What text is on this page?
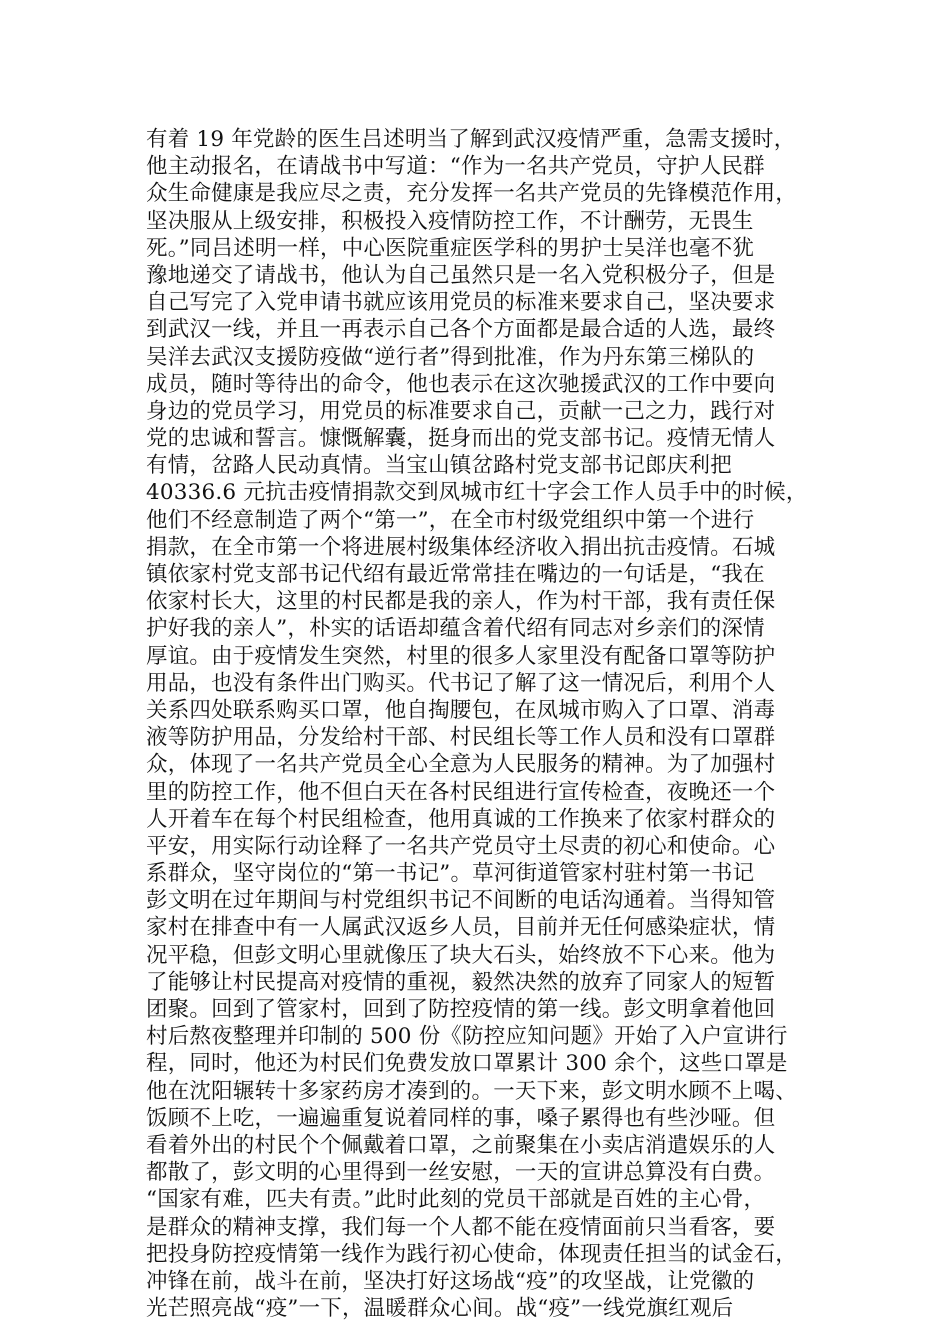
有着 19 年党龄的医生吕述明当了解到武汉疫情严重，急需支援时，
他主动报名，在请战书中写道：“作为一名共产党员，守护人民群
众生命健康是我应尽之责，充分发挥一名共产党员的先锋模范作用，
坚决服从上级安排，积极投入疫情防控工作，不计酬劳，无畏生
死。”同吕述明一样，中心医院重症医学科的男护士吴洋也毫不犹
豫地递交了请战书，他认为自己虽然只是一名入党积极分子，但是
自己写完了入党申请书就应该用党员的标准来要求自己，坚决要求
到武汉一线，并且一再表示自己各个方面都是最合适的人选，最终
吴洋去武汉支援防疫做“逆行者”得到批准，作为丹东第三梯队的
成员，随时等待出的命令，他也表示在这次驰援武汉的工作中要向
身边的党员学习，用党员的标准要求自己，贡献一己之力，践行对
党的忠诚和誓言。慷慨解囊，挺身而出的党支部书记。疫情无情人
有情，岔路人民动真情。当宝山镇岔路村党支部书记郎庆利把
40336.6 元抗击疫情捐款交到凤城市红十字会工作人员手中的时候，
他们不经意制造了两个“第一”，在全市村级党组织中第一个进行
捐款，在全市第一个将进展村级集体经济收入捐出抗击疫情。石城
镇依家村党支部书记代绍有最近常常挂在嘴边的一句话是，“我在
依家村长大，这里的村民都是我的亲人，作为村干部，我有责任保
护好我的亲人”，朴实的话语却蕴含着代绍有同志对乡亲们的深情
厚谊。由于疫情发生突然，村里的很多人家里没有配备口罩等防护
用品，也没有条件出门购买。代书记了解了这一情况后，利用个人
关系四处联系购买口罩，他自掏腰包，在凤城市购入了口罩、消毒
液等防护用品，分发给村干部、村民组长等工作人员和没有口罩群
众，体现了一名共产党员全心全意为人民服务的精神。为了加强村
里的防控工作，他不但白天在各村民组进行宣传检查，夜晚还一个
人开着车在每个村民组检查，他用真诚的工作换来了依家村群众的
平安，用实际行动诠释了一名共产党员守土尽责的初心和使命。心
系群众，坚守岗位的“第一书记”。草河街道管家村驻村第一书记
彭文明在过年期间与村党组织书记不间断的电话沟通着。当得知管
家村在排查中有一人属武汉返乡人员，目前并无任何感染症状，情
况平稳，但彭文明心里就像压了块大石头，始终放不下心来。他为
了能够让村民提高对疫情的重视，毅然决然的放弃了同家人的短暂
团聚。回到了管家村，回到了防控疫情的第一线。彭文明拿着他回
村后熬夜整理并印制的 500 份《防控应知问题》开始了入户宣讲行
程，同时，他还为村民们免费发放口罩累计 300 余个，这些口罩是
他在沈阳辗转十多家药房才凑到的。一天下来，彭文明水顾不上喝、
饭顾不上吃，一遍遍重复说着同样的事，嗓子累得也有些沙哑。但
看着外出的村民个个佩戴着口罩，之前聚集在小卖店消遣娱乐的人
都散了，彭文明的心里得到一丝安慰，一天的宣讲总算没有白费。
“国家有难，匹夫有责。”此时此刻的党员干部就是百姓的主心骨，
是群众的精神支撑，我们每一个人都不能在疫情面前只当看客，要
把投身防控疫情第一线作为践行初心使命，体现责任担当的试金石，
冲锋在前，战斗在前，坚决打好这场战“疫”的攻坚战，让党徽的
光芒照亮战“疫”一下，温暖群众心间。战“疫”一线党旗红观后
